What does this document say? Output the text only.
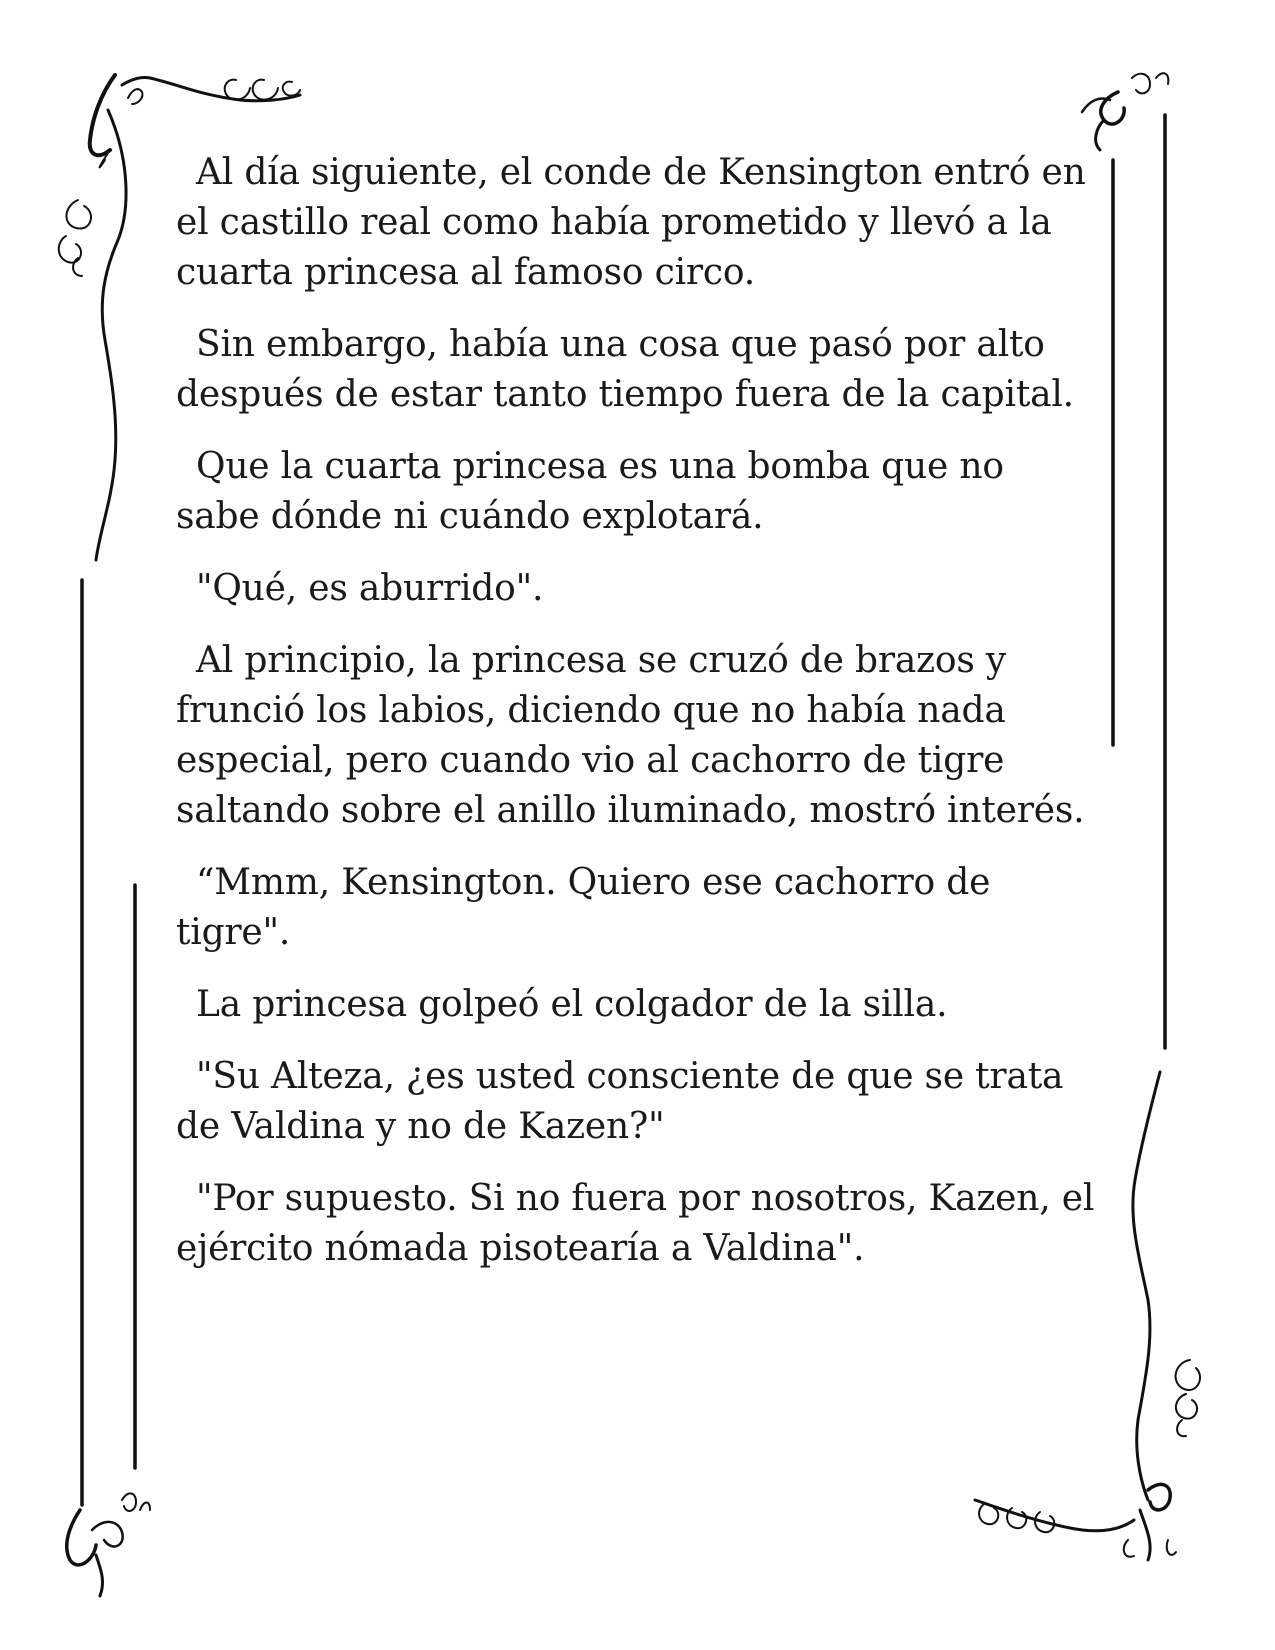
Al día siguiente, el conde de Kensington entró en el castillo real como había prometido y llevó a la cuarta princesa al famoso circo.

Sin embargo, había una cosa que pasó por alto después de estar tanto tiempo fuera de la capital.

Que la cuarta princesa es una bomba que no sabe dónde ni cuándo explotará.

"Qué, es aburrido".

Al principio, la princesa se cruzó de brazos y frunció los labios, diciendo que no había nada especial, pero cuando vio al cachorro de tigre saltando sobre el anillo iluminado, mostró interés.

“Mmm, Kensington. Quiero ese cachorro de tigre".

La princesa golpeó el colgador de la silla.

"Su Alteza, ¿es usted consciente de que se trata de Valdina y no de Kazen?"

"Por supuesto. Si no fuera por nosotros, Kazen, el ejército nómada pisotearía a Valdina".
